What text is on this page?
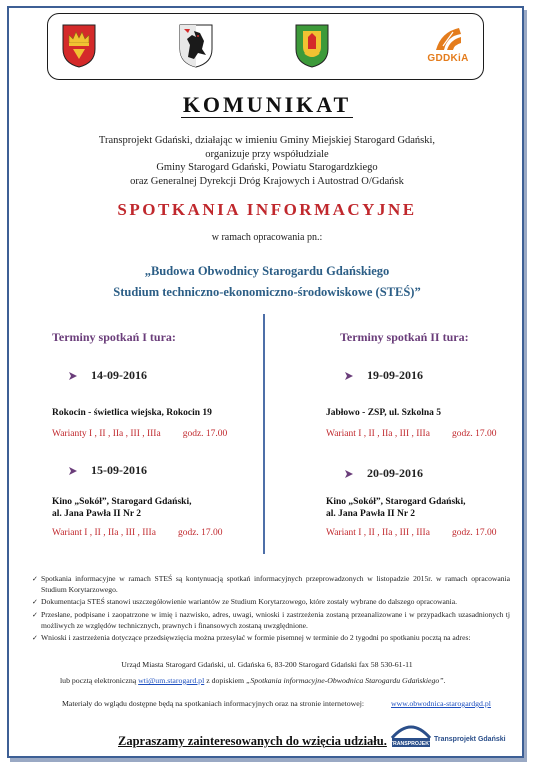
GDDKiA
KOMUNIKAT
Transprojekt Gdański, działając w imieniu Gminy Miejskiej Starogard Gdański,
organizuje przy współudziale
Gminy Starogard Gdański, Powiatu Starogardzkiego
oraz Generalnej Dyrekcji Dróg Krajowych i Autostrad O/Gdańsk
SPOTKANIA INFORMACYJNE
w ramach opracowania pn.:
„Budowa Obwodnicy Starogardu Gdańskiego
Studium techniczno-ekonomiczno-środowiskowe (STEŚ)”
Terminy spotkań I tura:
14-09-2016
Rokocin - świetlica wiejska, Rokocin 19
Warianty I , II , IIa , III , IIIa godz. 17.00
15-09-2016
Kino „Sokół”, Starogard Gdański,
al. Jana Pawła II Nr 2
Wariant I , II , IIa , III , IIIa godz. 17.00
Terminy spotkań II tura:
19-09-2016
Jabłowo - ZSP, ul. Szkolna 5
Wariant I , II , IIa , III , IIIa godz. 17.00
20-09-2016
Kino „Sokół”, Starogard Gdański,
al. Jana Pawła II Nr 2
Wariant I , II , IIa , III , IIIa godz. 17.00
✓ Spotkania informacyjne w ramach STEŚ są kontynuacją spotkań informacyjnych przeprowadzonych w listopadzie 2015r. w ramach opracowania Studium Korytarzowego.
✓ Dokumentacja STEŚ stanowi uszczegółowienie wariantów ze Studium Korytarzowego, które zostały wybrane do dalszego opracowania.
✓ Przesłane, podpisane i zaopatrzone w imię i nazwisko, adres, uwagi, wnioski i zastrzeżenia zostaną przeanalizowane i w przypadkach uzasadnionych tj możliwych ze względów technicznych, prawnych i finansowych zostaną uwzględnione.
✓ Wnioski i zastrzeżenia dotyczące przedsięwzięcia można przesyłać w formie pisemnej w terminie do 2 tygodni po spotkaniu pocztą na adres:
Urząd Miasta Starogard Gdański, ul. Gdańska 6, 83-200 Starogard Gdański fax 58 530-61-11
lub pocztą elektroniczną wti@um.starogard.pl z dopiskiem „Spotkania informacyjne-Obwodnica Starogardu Gdańskiego”.
Materiały do wglądu dostępne będą na spotkaniach informacyjnych oraz na stronie internetowej:	www.obwodnica-starogardgd.pl
Zapraszamy zainteresowanych do wzięcia udziału. TRANSPROJEKT
Transprojekt Gdański
